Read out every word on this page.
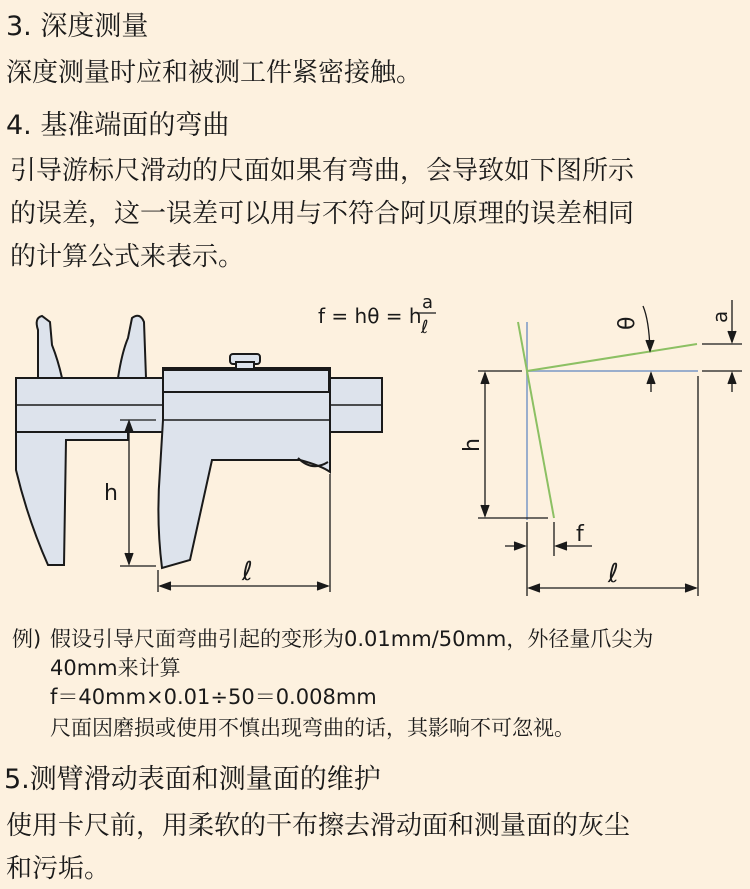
3. 深度测量
深度测量时应和被测工件紧密接触。
4. 基准端面的弯曲
引导游标尺滑动的尺面如果有弯曲，会导致如下图所示
的误差，这一误差可以用与不符合阿贝原理的误差相同
的计算公式来表示。
h
ℓ
f = hθ = h
a
ℓ	θ	a
h
f
ℓ
例) 假设引导尺面弯曲引起的变形为0.01mm/50mm，外径量爪尖为
40mm来计算
f＝40mm×0.01÷50＝0.008mm
尺面因磨损或使用不慎出现弯曲的话，其影响不可忽视。
5.测臂滑动表面和测量面的维护
使用卡尺前，用柔软的干布擦去滑动面和测量面的灰尘
和污垢。
